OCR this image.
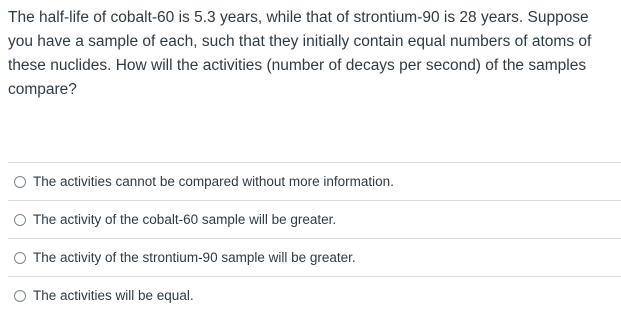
The half-life of cobalt-60 is 5.3 years, while that of strontium-90 is 28 years. Suppose you have a sample of each, such that they initially contain equal numbers of atoms of these nuclides. How will the activities (number of decays per second) of the samples compare?
The activities cannot be compared without more information.
The activity of the cobalt-60 sample will be greater.
The activity of the strontium-90 sample will be greater.
The activities will be equal.
